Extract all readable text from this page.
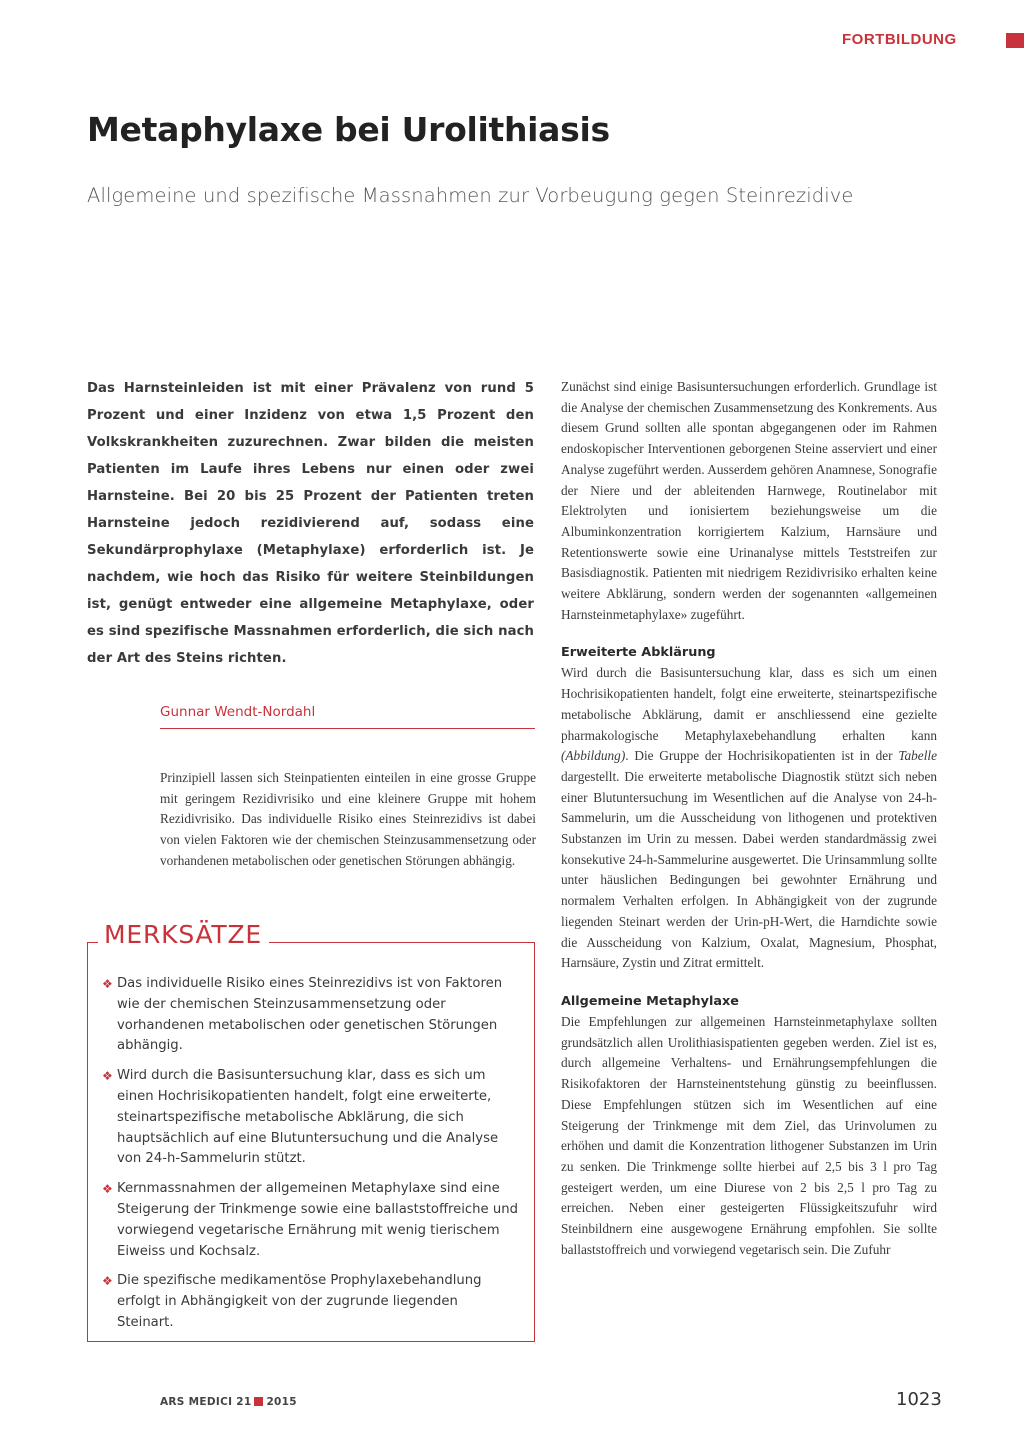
FORTBILDUNG
Metaphylaxe bei Urolithiasis
Allgemeine und spezifische Massnahmen zur Vorbeugung gegen Steinrezidive

Das Harnsteinleiden ist mit einer Prävalenz von rund 5 Prozent und einer Inzidenz von etwa 1,5 Prozent den Volkskrankheiten zuzurechnen. Zwar bilden die meisten Patienten im Laufe ihres Lebens nur einen oder zwei Harnsteine. Bei 20 bis 25 Prozent der Patienten treten Harnsteine jedoch rezidivierend auf, sodass eine Sekundärprophylaxe (Metaphylaxe) erforderlich ist. Je nachdem, wie hoch das Risiko für weitere Steinbildungen ist, genügt entweder eine allgemeine Metaphylaxe, oder es sind spezifische Massnahmen erforderlich, die sich nach der Art des Steins richten.

Gunnar Wendt-Nordahl

Prinzipiell lassen sich Steinpatienten einteilen in eine grosse Gruppe mit geringem Rezidivrisiko und eine kleinere Gruppe mit hohem Rezidivrisiko. Das individuelle Risiko eines Steinrezidivs ist dabei von vielen Faktoren wie der chemischen Steinzusammensetzung oder vorhandenen metabolischen oder genetischen Störungen abhängig.

MERKSÄTZE
❖ Das individuelle Risiko eines Steinrezidivs ist von Faktoren wie der chemischen Steinzusammensetzung oder vorhandenen metabolischen oder genetischen Störungen abhängig.
❖ Wird durch die Basisuntersuchung klar, dass es sich um einen Hochrisikopatienten handelt, folgt eine erweiterte, steinartspezifische metabolische Abklärung, die sich hauptsächlich auf eine Blutuntersuchung und die Analyse von 24-h-Sammelurin stützt.
❖ Kernmassnahmen der allgemeinen Metaphylaxe sind eine Steigerung der Trinkmenge sowie eine ballaststoffreiche und vorwiegend vegetarische Ernährung mit wenig tierischem Eiweiss und Kochsalz.
❖ Die spezifische medikamentöse Prophylaxebehandlung erfolgt in Abhängigkeit von der zugrunde liegenden Steinart.

Zunächst sind einige Basisuntersuchungen erforderlich. Grundlage ist die Analyse der chemischen Zusammensetzung des Konkrements. Aus diesem Grund sollten alle spontan abgegangenen oder im Rahmen endoskopischer Interventionen geborgenen Steine asserviert und einer Analyse zugeführt werden. Ausserdem gehören Anamnese, Sonografie der Niere und der ableitenden Harnwege, Routinelabor mit Elektrolyten und ionisiertem beziehungsweise um die Albuminkonzentration korrigiertem Kalzium, Harnsäure und Retentionswerte sowie eine Urinanalyse mittels Teststreifen zur Basisdiagnostik. Patienten mit niedrigem Rezidivrisiko erhalten keine weitere Abklärung, sondern werden der sogenannten «allgemeinen Harnsteinmetaphylaxe» zugeführt.

Erweiterte Abklärung

Wird durch die Basisuntersuchung klar, dass es sich um einen Hochrisikopatienten handelt, folgt eine erweiterte, steinartspezifische metabolische Abklärung, damit er anschliessend eine gezielte pharmakologische Metaphylaxebehandlung erhalten kann (Abbildung). Die Gruppe der Hochrisikopatienten ist in der Tabelle dargestellt. Die erweiterte metabolische Diagnostik stützt sich neben einer Blutuntersuchung im Wesentlichen auf die Analyse von 24-h-Sammelurin, um die Ausscheidung von lithogenen und protektiven Substanzen im Urin zu messen. Dabei werden standardmässig zwei konsekutive 24-h-Sammelurine ausgewertet. Die Urinsammlung sollte unter häuslichen Bedingungen bei gewohnter Ernährung und normalem Verhalten erfolgen. In Abhängigkeit von der zugrunde liegenden Steinart werden der Urin-pH-Wert, die Harndichte sowie die Ausscheidung von Kalzium, Oxalat, Magnesium, Phosphat, Harnsäure, Zystin und Zitrat ermittelt.

Allgemeine Metaphylaxe

Die Empfehlungen zur allgemeinen Harnsteinmetaphylaxe sollten grundsätzlich allen Urolithiasispatienten gegeben werden. Ziel ist es, durch allgemeine Verhaltens- und Ernährungsempfehlungen die Risikofaktoren der Harnsteinentstehung günstig zu beeinflussen. Diese Empfehlungen stützen sich im Wesentlichen auf eine Steigerung der Trinkmenge mit dem Ziel, das Urinvolumen zu erhöhen und damit die Konzentration lithogener Substanzen im Urin zu senken. Die Trinkmenge sollte hierbei auf 2,5 bis 3 l pro Tag gesteigert werden, um eine Diurese von 2 bis 2,5 l pro Tag zu erreichen. Neben einer gesteigerten Flüssigkeitszufuhr wird Steinbildnern eine ausgewogene Ernährung empfohlen. Sie sollte ballaststoffreich und vorwiegend vegetarisch sein. Die Zufuhr

ARS MEDICI 21 2015	1023
